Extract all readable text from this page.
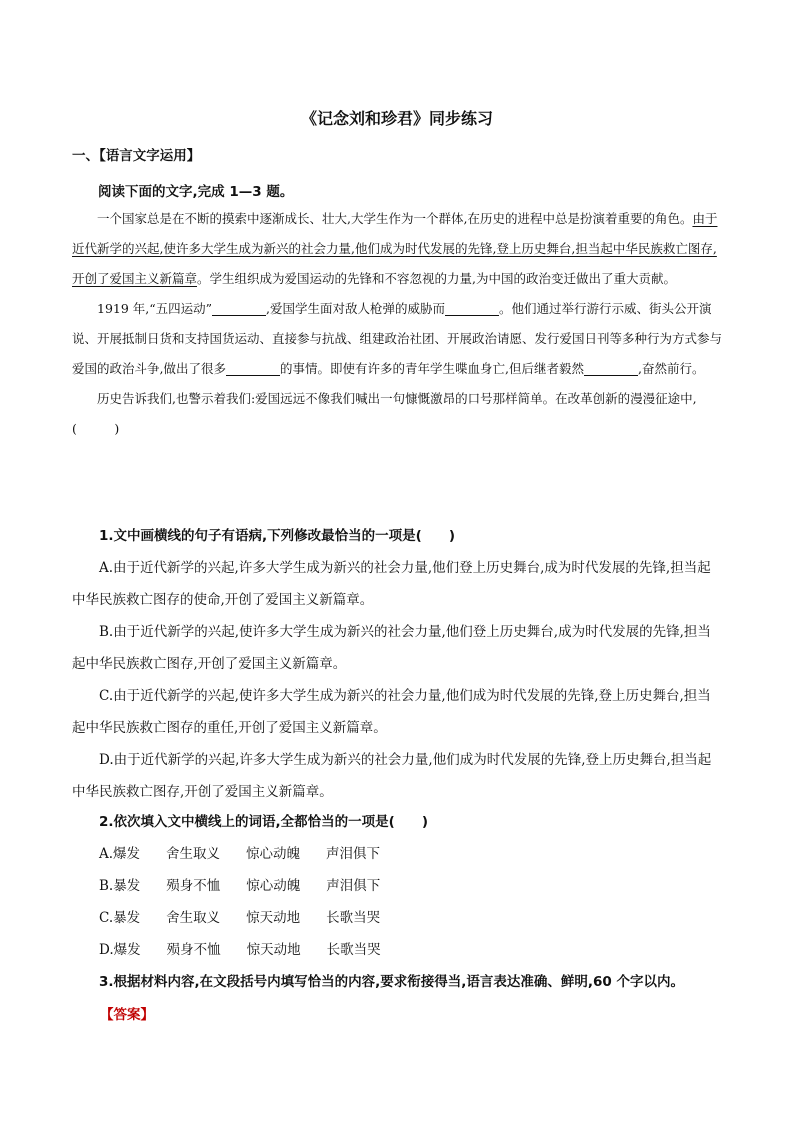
《记念刘和珍君》同步练习
一、【语言文字运用】
阅读下面的文字,完成 1—3 题。

一个国家总是在不断的摸索中逐渐成长、壮大,大学生作为一个群体,在历史的进程中总是扮演着重要的角色。由于近代新学的兴起,使许多大学生成为新兴的社会力量,他们成为时代发展的先锋,登上历史舞台,担当起中华民族救亡图存,开创了爱国主义新篇章。学生组织成为爱国运动的先锋和不容忽视的力量,为中国的政治变迁做出了重大贡献。

1919 年,“五四运动”	,爱国学生面对敌人枪弹的威胁而	。他们通过举行游行示威、街头公开演说、开展抵制日货和支持国货运动、直接参与抗战、组建政治社团、开展政治请愿、发行爱国日刊等多种行为方式参与爱国的政治斗争,做出了很多	的事情。即使有许多的青年学生喋血身亡,但后继者毅然	,奋然前行。

历史告诉我们,也警示着我们:爱国远远不像我们喊出一句慷慨激昂的口号那样简单。在改革创新的漫漫征途中,(　　　)

1.文中画横线的句子有语病,下列修改最恰当的一项是(　　)

A.由于近代新学的兴起,许多大学生成为新兴的社会力量,他们登上历史舞台,成为时代发展的先锋,担当起中华民族救亡图存的使命,开创了爱国主义新篇章。

B.由于近代新学的兴起,使许多大学生成为新兴的社会力量,他们登上历史舞台,成为时代发展的先锋,担当起中华民族救亡图存,开创了爱国主义新篇章。

C.由于近代新学的兴起,使许多大学生成为新兴的社会力量,他们成为时代发展的先锋,登上历史舞台,担当起中华民族救亡图存的重任,开创了爱国主义新篇章。

D.由于近代新学的兴起,许多大学生成为新兴的社会力量,他们成为时代发展的先锋,登上历史舞台,担当起中华民族救亡图存,开创了爱国主义新篇章。

2.依次填入文中横线上的词语,全都恰当的一项是(　　)

A.爆发 舍生取义 惊心动魄 声泪俱下

B.暴发 殒身不恤 惊心动魄 声泪俱下

C.暴发 舍生取义 惊天动地 长歌当哭

D.爆发 殒身不恤 惊天动地 长歌当哭

3.根据材料内容,在文段括号内填写恰当的内容,要求衔接得当,语言表达准确、鲜明,60 个字以内。

【答案】
